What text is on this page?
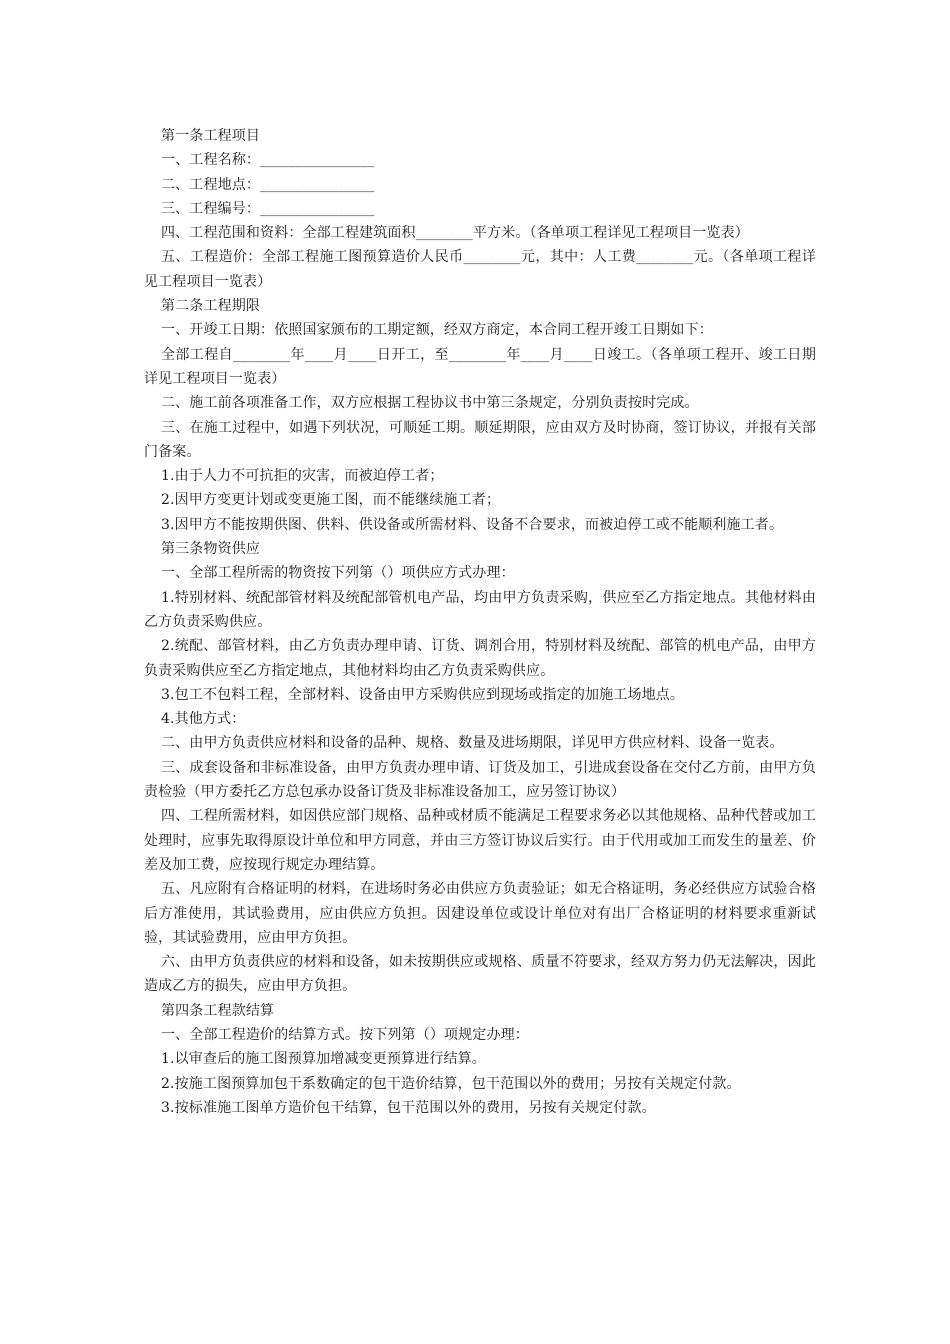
第一条工程项目

一、工程名称：________________

二、工程地点：________________

三、工程编号：________________

四、工程范围和资料：全部工程建筑面积________平方米。（各单项工程详见工程项目一览表）

五、工程造价：全部工程施工图预算造价人民币________元，其中：人工费________元。（各单项工程详见工程项目一览表）

第二条工程期限

一、开竣工日期：依照国家颁布的工期定额，经双方商定，本合同工程开竣工日期如下：

全部工程自________年____月____日开工，至________年____月____日竣工。（各单项工程开、竣工日期详见工程项目一览表）

二、施工前各项准备工作，双方应根据工程协议书中第三条规定，分别负责按时完成。

三、在施工过程中，如遇下列状况，可顺延工期。顺延期限，应由双方及时协商，签订协议，并报有关部门备案。

1.由于人力不可抗拒的灾害，而被迫停工者；

2.因甲方变更计划或变更施工图，而不能继续施工者；

3.因甲方不能按期供图、供料、供设备或所需材料、设备不合要求，而被迫停工或不能顺利施工者。

第三条物资供应

一、全部工程所需的物资按下列第（）项供应方式办理：

1.特别材料、统配部管材料及统配部管机电产品，均由甲方负责采购，供应至乙方指定地点。其他材料由乙方负责采购供应。

2.统配、部管材料，由乙方负责办理申请、订货、调剂合用，特别材料及统配、部管的机电产品，由甲方负责采购供应至乙方指定地点，其他材料均由乙方负责采购供应。

3.包工不包料工程，全部材料、设备由甲方采购供应到现场或指定的加施工场地点。

4.其他方式：

二、由甲方负责供应材料和设备的品种、规格、数量及进场期限，详见甲方供应材料、设备一览表。

三、成套设备和非标准设备，由甲方负责办理申请、订货及加工，引进成套设备在交付乙方前，由甲方负责检验（甲方委托乙方总包承办设备订货及非标准设备加工，应另签订协议）

四、工程所需材料，如因供应部门规格、品种或材质不能满足工程要求务必以其他规格、品种代替或加工处理时，应事先取得原设计单位和甲方同意，并由三方签订协议后实行。由于代用或加工而发生的量差、价差及加工费，应按现行规定办理结算。

五、凡应附有合格证明的材料，在进场时务必由供应方负责验证；如无合格证明，务必经供应方试验合格后方准使用，其试验费用，应由供应方负担。因建设单位或设计单位对有出厂合格证明的材料要求重新试验，其试验费用，应由甲方负担。

六、由甲方负责供应的材料和设备，如未按期供应或规格、质量不符要求，经双方努力仍无法解决，因此造成乙方的损失，应由甲方负担。

第四条工程款结算

一、全部工程造价的结算方式。按下列第（）项规定办理：

1.以审查后的施工图预算加增减变更预算进行结算。

2.按施工图预算加包干系数确定的包干造价结算，包干范围以外的费用；另按有关规定付款。

3.按标准施工图单方造价包干结算，包干范围以外的费用，另按有关规定付款。
